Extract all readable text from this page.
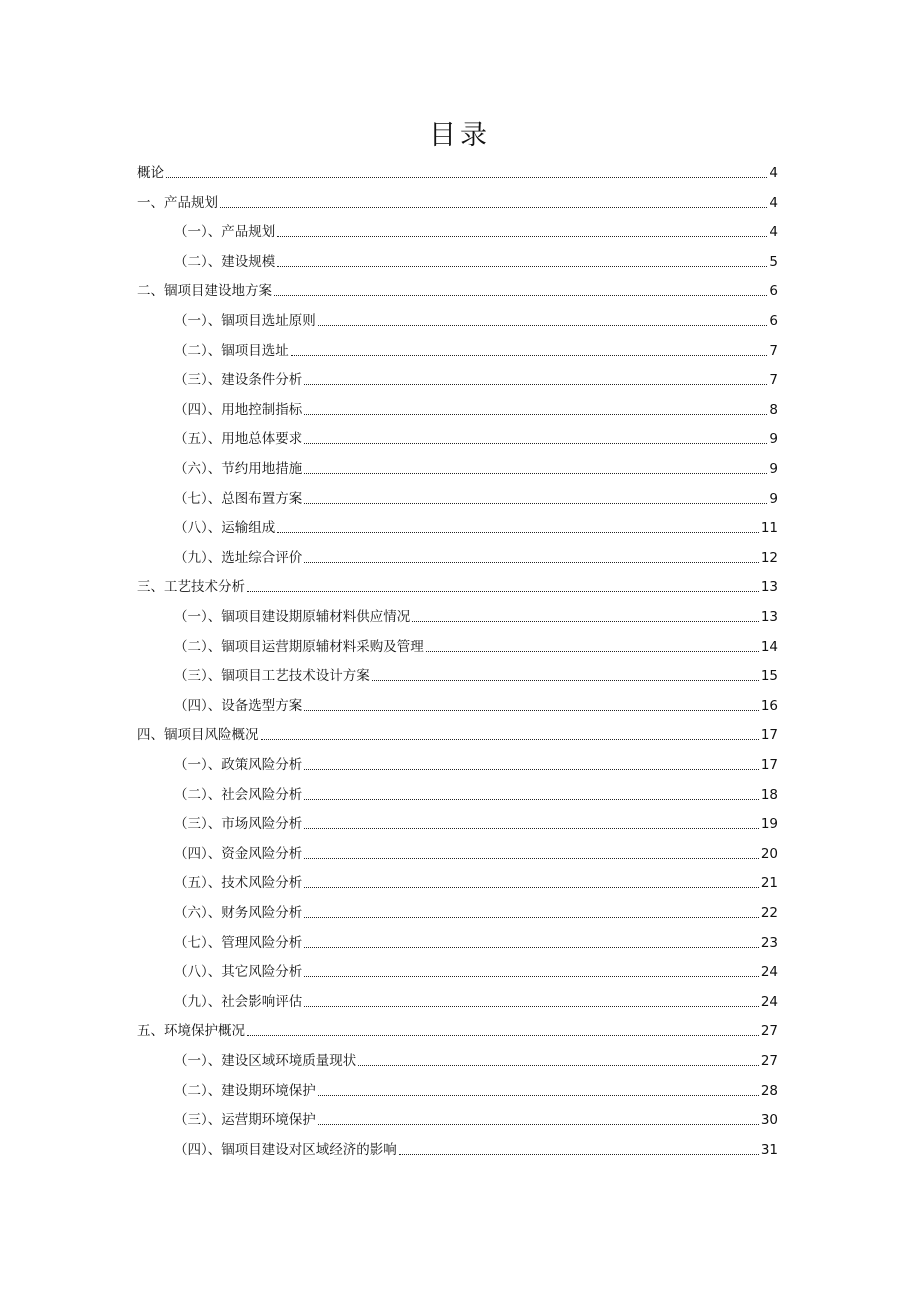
目录
概论	4
一、产品规划	4
（一）、产品规划	4
（二）、建设规模	5
二、锢项目建设地方案	6
（一）、锢项目选址原则	6
（二）、锢项目选址	7
（三）、建设条件分析	7
（四）、用地控制指标	8
（五）、用地总体要求	9
（六）、节约用地措施	9
（七）、总图布置方案	9
（八）、运输组成	11
（九）、选址综合评价	12
三、工艺技术分析	13
（一）、锢项目建设期原辅材料供应情况	13
（二）、锢项目运营期原辅材料采购及管理	14
（三）、锢项目工艺技术设计方案	15
（四）、设备选型方案	16
四、锢项目风险概况	17
（一）、政策风险分析	17
（二）、社会风险分析	18
（三）、市场风险分析	19
（四）、资金风险分析	20
（五）、技术风险分析	21
（六）、财务风险分析	22
（七）、管理风险分析	23
（八）、其它风险分析	24
（九）、社会影响评估	24
五、环境保护概况	27
（一）、建设区域环境质量现状	27
（二）、建设期环境保护	28
（三）、运营期环境保护	30
（四）、锢项目建设对区域经济的影响	31
